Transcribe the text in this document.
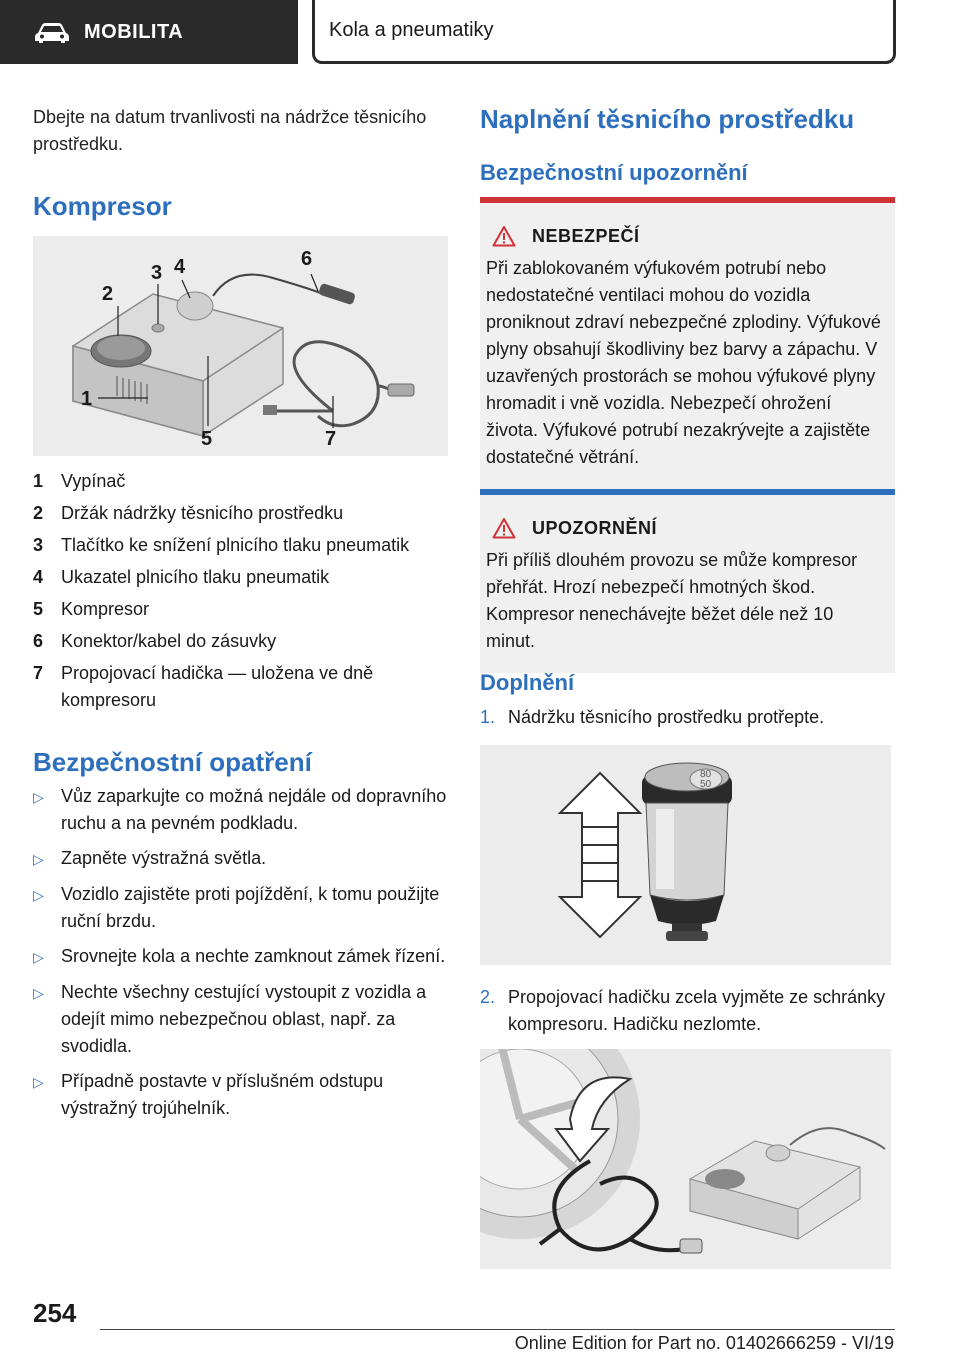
MOBILITA	Kola a pneumatiky

Dbejte na datum trvanlivosti na nádržce těsnicího prostředku.

Kompresor
1
2
3 4
5
6
7
1 Vypínač
2 Držák nádržky těsnicího prostředku
3 Tlačítko ke snížení plnicího tlaku pneumatik
4 Ukazatel plnicího tlaku pneumatik
5 Kompresor
6 Konektor/kabel do zásuvky
7 Propojovací hadička — uložena ve dně kompresoru
Bezpečnostní opatření
▷ Vůz zaparkujte co možná nejdále od dopravního ruchu a na pevném podkladu.
▷ Zapněte výstražná světla.
▷ Vozidlo zajistěte proti pojíždění, k tomu použijte ruční brzdu.
▷ Srovnejte kola a nechte zamknout zámek řízení.
▷ Nechte všechny cestující vystoupit z vozidla a odejít mimo nebezpečnou oblast, např. za svodidla.
▷ Případně postavte v příslušném odstupu výstražný trojúhelník.
Naplnění těsnicího prostředku
Bezpečnostní upozornění
NEBEZPEČÍ

Při zablokovaném výfukovém potrubí nebo nedostatečné ventilaci mohou do vozidla proniknout zdraví nebezpečné zplodiny. Výfukové plyny obsahují škodliviny bez barvy a zápachu. V uzavřených prostorách se mohou výfukové plyny hromadit i vně vozidla. Nebezpečí ohrožení života. Výfukové potrubí nezakrývejte a zajistěte dostatečné větrání.

UPOZORNĚNÍ

Při příliš dlouhém provozu se může kompresor přehřát. Hrozí nebezpečí hmotných škod. Kompresor nenechávejte běžet déle než 10 minut.

Doplnění
1. Nádržku těsnicího prostředku protřepte.
80
50
2. Propojovací hadičku zcela vyjměte ze schránky kompresoru. Hadičku nezlomte.
254
Online Edition for Part no. 01402666259 - VI/19
